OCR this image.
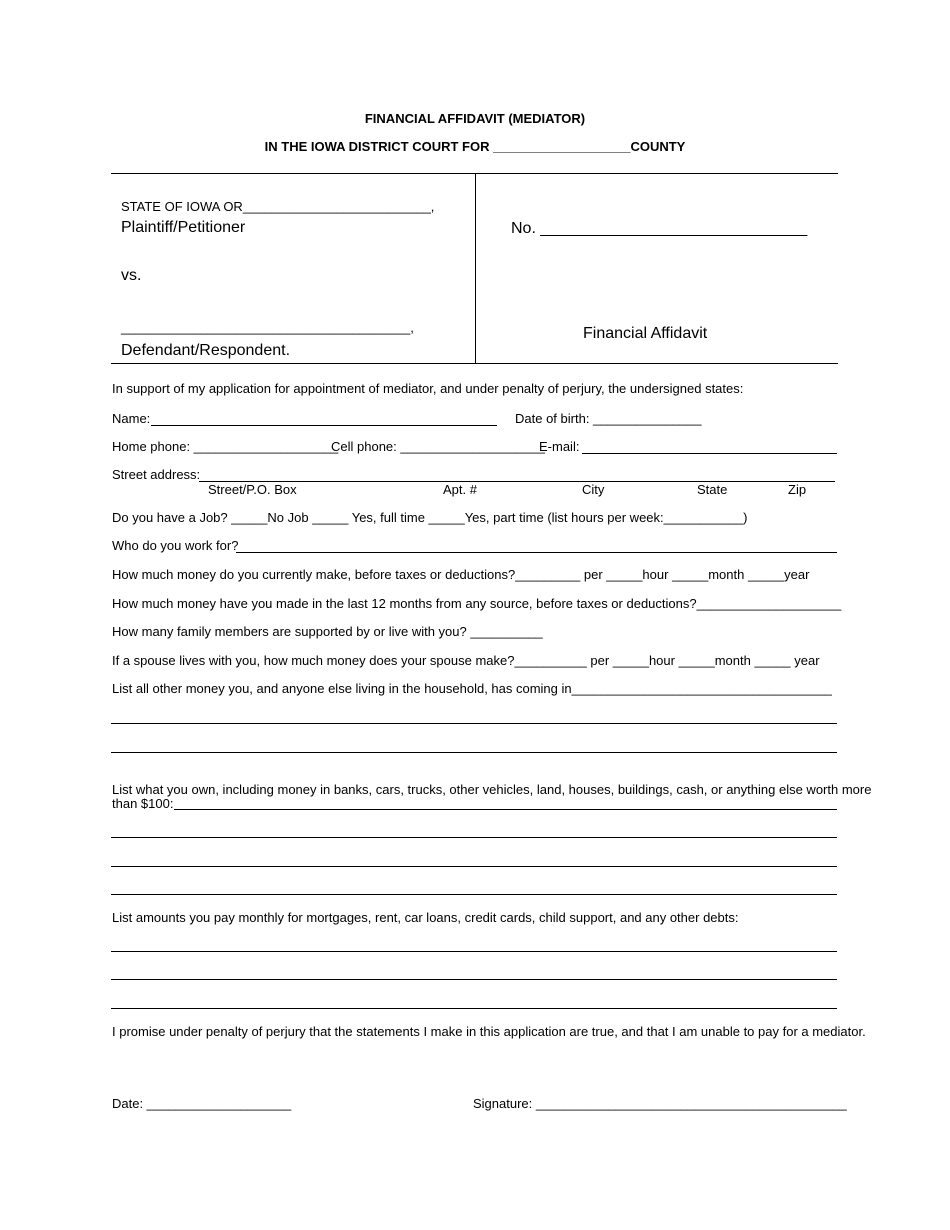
FINANCIAL AFFIDAVIT (MEDIATOR)
IN THE IOWA DISTRICT COURT FOR ___________________COUNTY
STATE OF IOWA OR__________________________,
Plaintiff/Petitioner
vs.
________________________________________,
Defendant/Respondent.
No. ______________________________
Financial Affidavit
In support of my application for appointment of mediator, and under penalty of perjury, the undersigned states:
Name:	Date of birth: _______________
Home phone: ____________________
Cell phone: ____________________
E-mail:
Street address:
Street/P.O. Box	Apt. #	City	State	Zip
Do you have a Job? _____No Job _____ Yes, full time _____Yes, part time (list hours per week:___________)
Who do you work for?
How much money do you currently make, before taxes or deductions?_________ per _____hour _____month _____year
How much money have you made in the last 12 months from any source, before taxes or deductions?____________________
How many family members are supported by or live with you? __________
If a spouse lives with you, how much money does your spouse make?__________ per _____hour _____month _____ year
List all other money you, and anyone else living in the household, has coming in____________________________________
List what you own, including money in banks, cars, trucks, other vehicles, land, houses, buildings, cash, or anything else worth more
than $100:
List amounts you pay monthly for mortgages, rent, car loans, credit cards, child support, and any other debts:
I promise under penalty of perjury that the statements I make in this application are true, and that I am unable to pay for a mediator.
Date: ____________________	Signature: ___________________________________________
